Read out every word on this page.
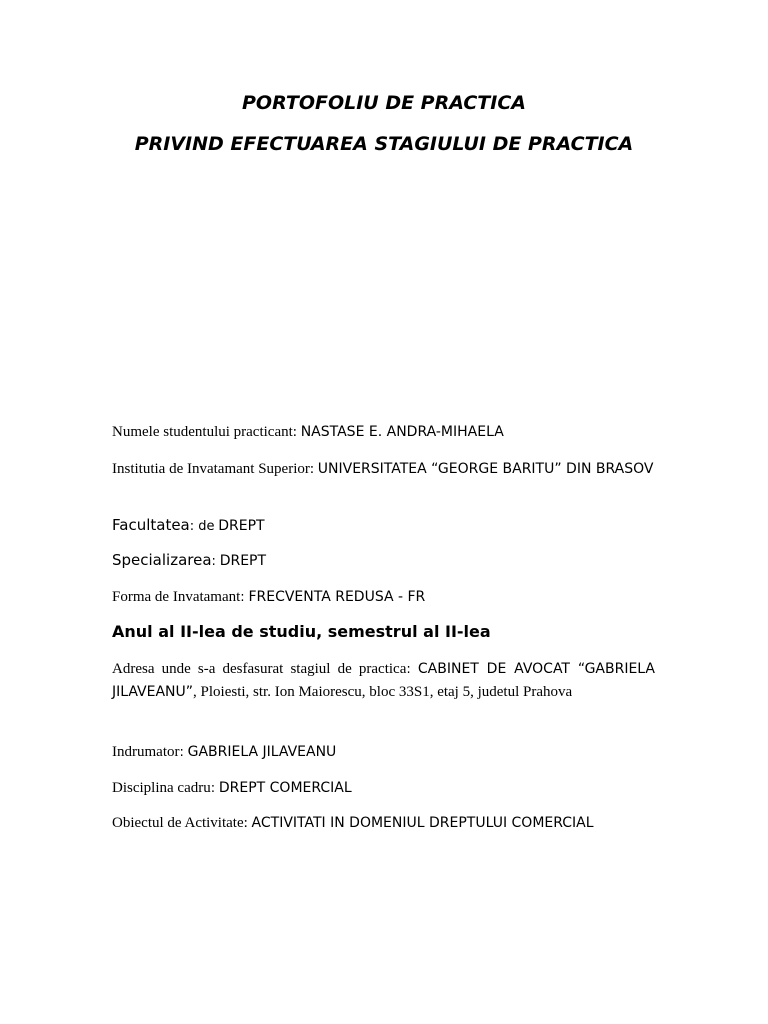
PORTOFOLIU DE PRACTICA
PRIVIND EFECTUAREA STAGIULUI DE PRACTICA

Numele studentului practicant: NASTASE E. ANDRA-MIHAELA

Institutia de Invatamant Superior: UNIVERSITATEA “GEORGE BARITU” DIN BRASOV

Facultatea: de DREPT

Specializarea: DREPT

Forma de Invatamant: FRECVENTA REDUSA - FR

Anul al II-lea de studiu, semestrul al II-lea

Adresa unde s-a desfasurat stagiul de practica: CABINET DE AVOCAT “GABRIELA JILAVEANU”, Ploiesti, str. Ion Maiorescu, bloc 33S1, etaj 5, judetul Prahova

Indrumator: GABRIELA JILAVEANU

Disciplina cadru: DREPT COMERCIAL

Obiectul de Activitate: ACTIVITATI IN DOMENIUL DREPTULUI COMERCIAL
